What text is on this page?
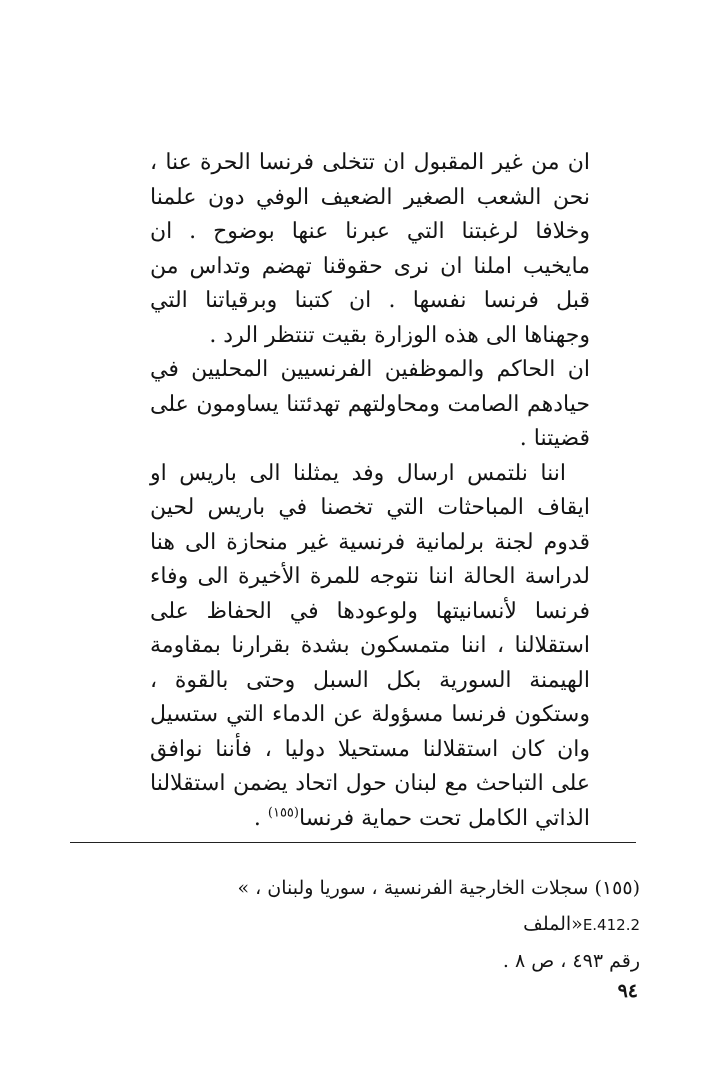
ان من غير المقبول ان تتخلى فرنسا الحرة عنا ، نحن الشعب الصغير الضعيف الوفي دون علمنا وخلافا لرغبتنا التي عبرنا عنها بوضوح . ان مايخيب املنا ان نرى حقوقنا تهضم وتداس من قبل فرنسا نفسها . ان كتبنا وبرقياتنا التي وجهناها الى هذه الوزارة بقيت تنتظر الرد .

ان الحاكم والموظفين الفرنسيين المحليين في حيادهم الصامت ومحاولتهم تهدئتنا يساومون على قضيتنا .

اننا نلتمس ارسال وفد يمثلنا الى باريس او ايقاف المباحثات التي تخصنا في باريس لحين قدوم لجنة برلمانية فرنسية غير منحازة الى هنا لدراسة الحالة اننا نتوجه للمرة الأخيرة الى وفاء فرنسا لأنسانيتها ولوعودها في الحفاظ على استقلالنا ، اننا متمسكون بشدة بقرارنا بمقاومة الهيمنة السورية بكل السبل وحتى بالقوة ، وستكون فرنسا مسؤولة عن الدماء التي ستسيل وان كان استقلالنا مستحيلا دوليا ، فأننا نوافق على التباحث مع لبنان حول اتحاد يضمن استقلالنا الذاتي الكامل تحت حماية فرنسا$^{(١٥٥)}$ .

(١٥٥) سجلات الخارجية الفرنسية ، سوريا ولبنان ، » E.412.2«الملف

رقم ٤٩٣ ، ص ٨ .

٩٤
